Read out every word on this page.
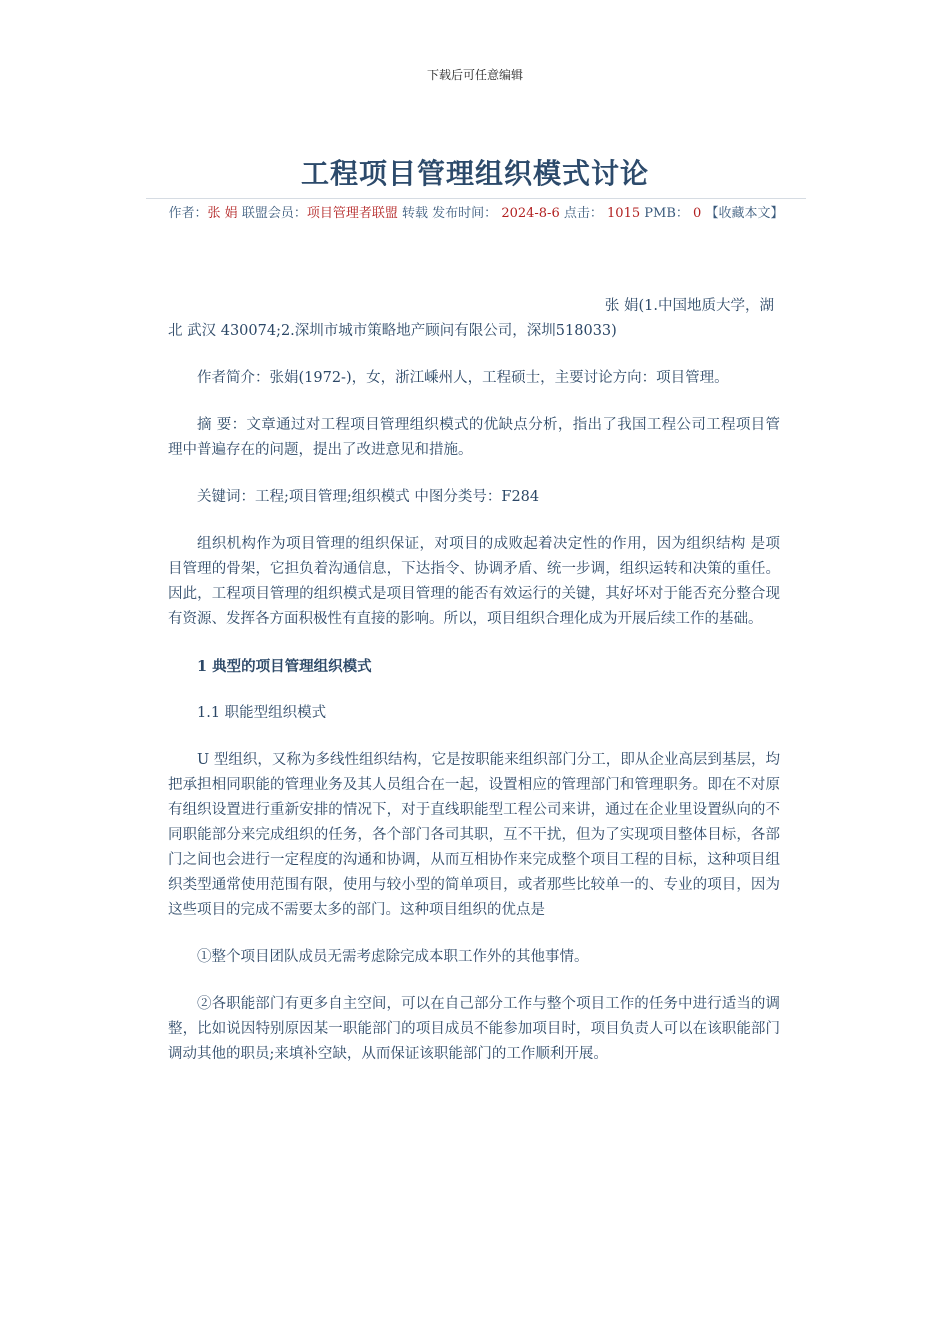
下载后可任意编辑
工程项目管理组织模式讨论
作者：张 娟 联盟会员：项目管理者联盟 转载 发布时间： 2024-8-6 点击： 1015 PMB： 0 【收藏本文】

张 娟(1.中国地质大学，湖
北 武汉 430074;2.深圳市城市策略地产顾问有限公司，深圳518033)

作者简介：张娟(1972-)，女，浙江嵊州人，工程硕士，主要讨论方向：项目管理。

摘 要：文章通过对工程项目管理组织模式的优缺点分析，指出了我国工程公司工程项目管理中普遍存在的问题，提出了改进意见和措施。

关键词：工程;项目管理;组织模式 中图分类号：F284

组织机构作为项目管理的组织保证，对项目的成败起着决定性的作用，因为组织结构 是项目管理的骨架，它担负着沟通信息，下达指令、协调矛盾、统一步调，组织运转和决策的重任。因此，工程项目管理的组织模式是项目管理的能否有效运行的关键，其好坏对于能否充分整合现有资源、发挥各方面积极性有直接的影响。所以，项目组织合理化成为开展后续工作的基础。

1 典型的项目管理组织模式
1.1 职能型组织模式

U 型组织，又称为多线性组织结构，它是按职能来组织部门分工，即从企业高层到基层，均把承担相同职能的管理业务及其人员组合在一起，设置相应的管理部门和管理职务。即在不对原有组织设置进行重新安排的情况下，对于直线职能型工程公司来讲，通过在企业里设置纵向的不同职能部分来完成组织的任务，各个部门各司其职，互不干扰，但为了实现项目整体目标，各部门之间也会进行一定程度的沟通和协调，从而互相协作来完成整个项目工程的目标，这种项目组织类型通常使用范围有限，使用与较小型的简单项目，或者那些比较单一的、专业的项目，因为这些项目的完成不需要太多的部门。这种项目组织的优点是

①整个项目团队成员无需考虑除完成本职工作外的其他事情。

②各职能部门有更多自主空间，可以在自己部分工作与整个项目工作的任务中进行适当的调整，比如说因特别原因某一职能部门的项目成员不能参加项目时，项目负责人可以在该职能部门调动其他的职员;来填补空缺，从而保证该职能部门的工作顺利开展。
